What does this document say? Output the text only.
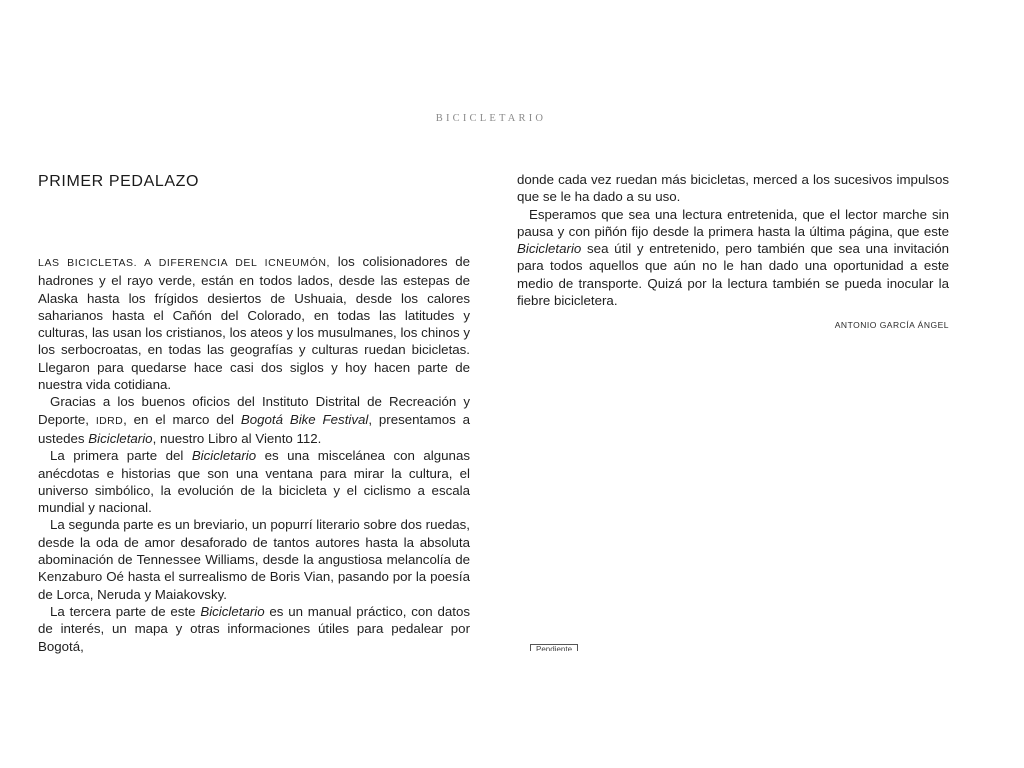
BICICLETARIO
PRIMER PEDALAZO

LAS BICICLETAS. A DIFERENCIA DEL ICNEUMÓN, los colisionadores de hadrones y el rayo verde, están en todos lados, desde las estepas de Alaska hasta los frígidos desiertos de Ushuaia, desde los calores saharianos hasta el Cañón del Colorado, en todas las latitudes y culturas, las usan los cristianos, los ateos y los musulmanes, los chinos y los serbocroatas, en todas las geografías y culturas ruedan bicicletas. Llegaron para quedarse hace casi dos siglos y hoy hacen parte de nuestra vida cotidiana.

Gracias a los buenos oficios del Instituto Distrital de Recreación y Deporte, IDRD, en el marco del Bogotá Bike Festival, presentamos a ustedes Bicicletario, nuestro Libro al Viento 112.

La primera parte del Bicicletario es una miscelánea con algunas anécdotas e historias que son una ventana para mirar la cultura, el universo simbólico, la evolución de la bicicleta y el ciclismo a escala mundial y nacional.

La segunda parte es un breviario, un popurrí literario sobre dos ruedas, desde la oda de amor desaforado de tantos autores hasta la absoluta abominación de Tennessee Williams, desde la angustiosa melancolía de Kenzaburo Oé hasta el surrealismo de Boris Vian, pasando por la poesía de Lorca, Neruda y Maiakovsky.

La tercera parte de este Bicicletario es un manual práctico, con datos de interés, un mapa y otras informaciones útiles para pedalear por Bogotá,

donde cada vez ruedan más bicicletas, merced a los sucesivos impulsos que se le ha dado a su uso.

Esperamos que sea una lectura entretenida, que el lector marche sin pausa y con piñón fijo desde la primera hasta la última página, que este Bicicletario sea útil y entretenido, pero también que sea una invitación para todos aquellos que aún no le han dado una oportunidad a este medio de transporte. Quizá por la lectura también se pueda inocular la fiebre bicicletera.

ANTONIO GARCÍA ÁNGEL
Pendiente
